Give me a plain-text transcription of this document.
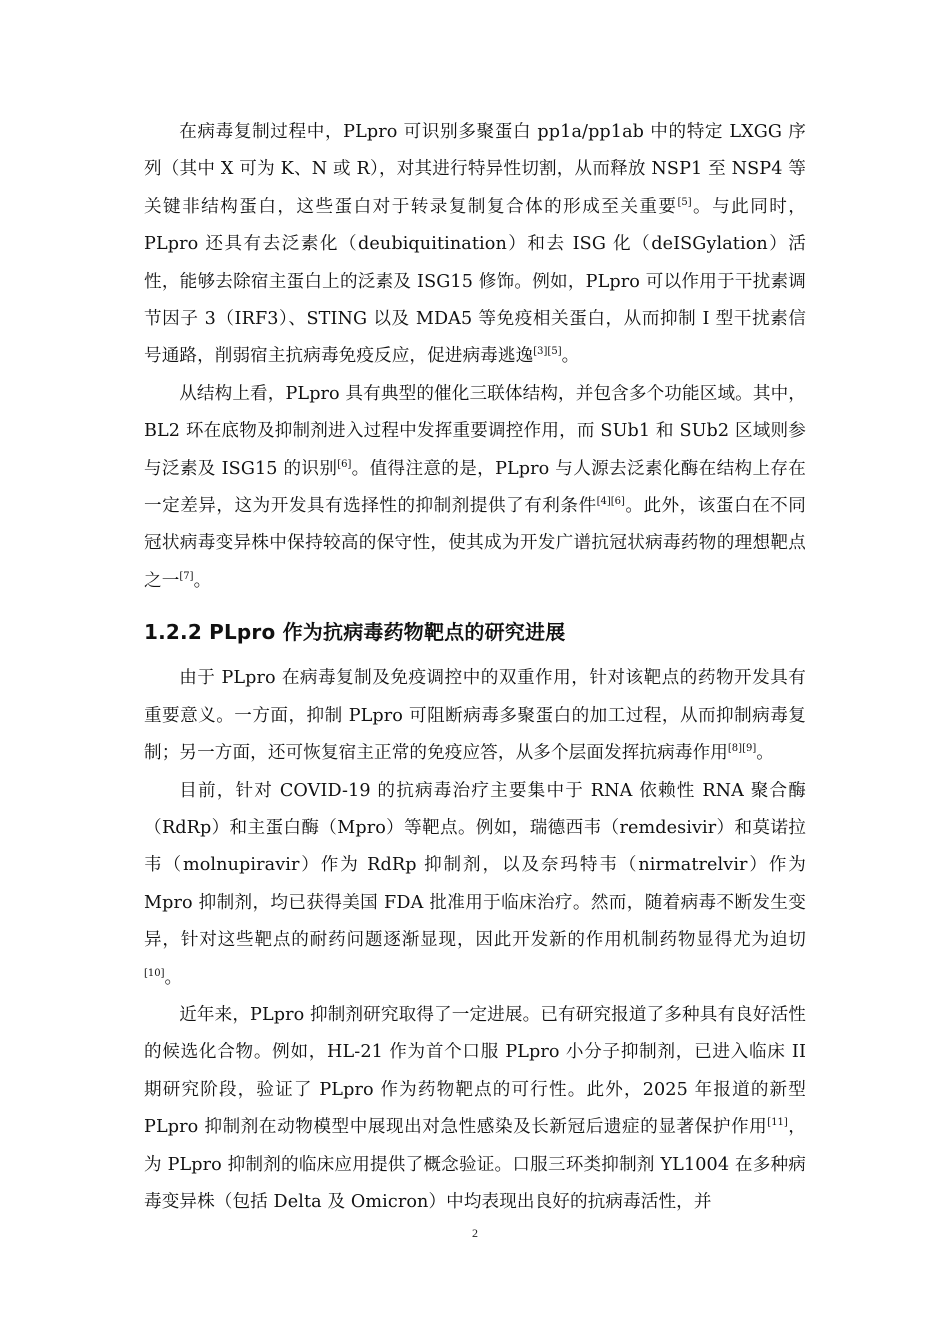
在病毒复制过程中，PLpro 可识别多聚蛋白 pp1a/pp1ab 中的特定 LXGG 序列（其中 X 可为 K、N 或 R），对其进行特异性切割，从而释放 NSP1 至 NSP4 等关键非结构蛋白，这些蛋白对于转录复制复合体的形成至关重要[5]。与此同时，PLpro 还具有去泛素化（deubiquitination）和去 ISG 化（deISGylation）活性，能够去除宿主蛋白上的泛素及 ISG15 修饰。例如，PLpro 可以作用于干扰素调节因子 3（IRF3）、STING 以及 MDA5 等免疫相关蛋白，从而抑制 I 型干扰素信号通路，削弱宿主抗病毒免疫反应，促进病毒逃逸[3][5]。

从结构上看，PLpro 具有典型的催化三联体结构，并包含多个功能区域。其中，BL2 环在底物及抑制剂进入过程中发挥重要调控作用，而 SUb1 和 SUb2 区域则参与泛素及 ISG15 的识别[6]。值得注意的是，PLpro 与人源去泛素化酶在结构上存在一定差异，这为开发具有选择性的抑制剂提供了有利条件[4][6]。此外，该蛋白在不同冠状病毒变异株中保持较高的保守性，使其成为开发广谱抗冠状病毒药物的理想靶点之一[7]。

1.2.2 PLpro 作为抗病毒药物靶点的研究进展

由于 PLpro 在病毒复制及免疫调控中的双重作用，针对该靶点的药物开发具有重要意义。一方面，抑制 PLpro 可阻断病毒多聚蛋白的加工过程，从而抑制病毒复制；另一方面，还可恢复宿主正常的免疫应答，从多个层面发挥抗病毒作用[8][9]。

目前，针对 COVID-19 的抗病毒治疗主要集中于 RNA 依赖性 RNA 聚合酶（RdRp）和主蛋白酶（Mpro）等靶点。例如，瑞德西韦（remdesivir）和莫诺拉韦（molnupiravir）作为 RdRp 抑制剂，以及奈玛特韦（nirmatrelvir）作为 Mpro 抑制剂，均已获得美国 FDA 批准用于临床治疗。然而，随着病毒不断发生变异，针对这些靶点的耐药问题逐渐显现，因此开发新的作用机制药物显得尤为迫切[10]。

近年来，PLpro 抑制剂研究取得了一定进展。已有研究报道了多种具有良好活性的候选化合物。例如，HL-21 作为首个口服 PLpro 小分子抑制剂，已进入临床 II 期研究阶段，验证了 PLpro 作为药物靶点的可行性。此外，2025 年报道的新型 PLpro 抑制剂在动物模型中展现出对急性感染及长新冠后遗症的显著保护作用[11]，为 PLpro 抑制剂的临床应用提供了概念验证。口服三环类抑制剂 YL1004 在多种病毒变异株（包括 Delta 及 Omicron）中均表现出良好的抗病毒活性，并

2
